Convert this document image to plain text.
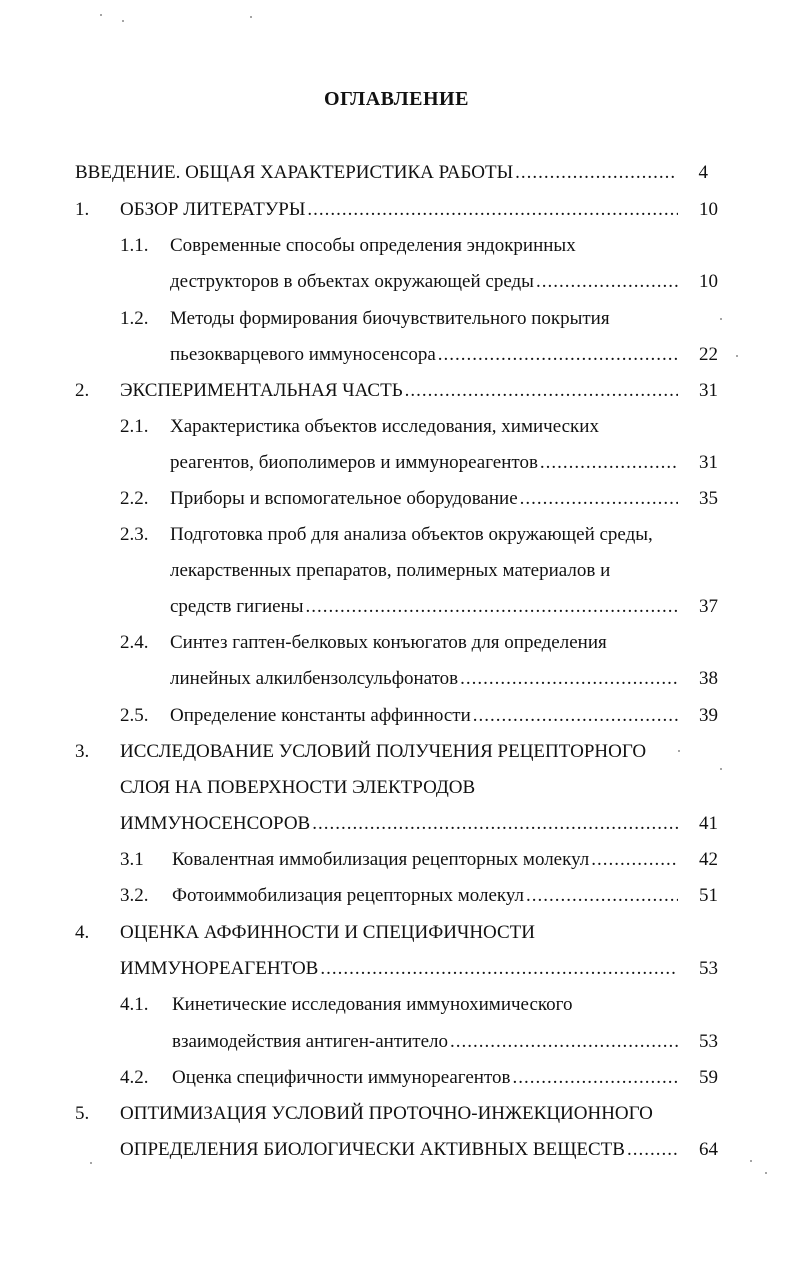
ОГЛАВЛЕНИЕ
ВВЕДЕНИЕ. ОБЩАЯ ХАРАКТЕРИСТИКА РАБОТЫ .....	4
1. ОБЗОР ЛИТЕРАТУРЫ .....	10
1.1. Современные способы определения эндокринных
деструкторов в объектах окружающей среды .....	10
1.2. Методы формирования биочувствительного покрытия
пьезокварцевого иммуносенсора .....	22
2. ЭКСПЕРИМЕНТАЛЬНАЯ ЧАСТЬ .....	31
2.1. Характеристика объектов исследования, химических
реагентов, биополимеров и иммунореагентов .....	31
2.2. Приборы и вспомогательное оборудование .....	35
2.3. Подготовка проб для анализа объектов окружающей среды,
лекарственных препаратов, полимерных материалов и
средств гигиены .....	37
2.4. Синтез гаптен-белковых конъюгатов для определения
линейных алкилбензолсульфонатов .....	38
2.5. Определение константы аффинности .....	39
3. ИССЛЕДОВАНИЕ УСЛОВИЙ ПОЛУЧЕНИЯ РЕЦЕПТОРНОГО
СЛОЯ НА ПОВЕРХНОСТИ ЭЛЕКТРОДОВ
ИММУНОСЕНСОРОВ .....	41
3.1 Ковалентная иммобилизация рецепторных молекул .....	42
3.2. Фотоиммобилизация рецепторных молекул .....	51
4. ОЦЕНКА АФФИННОСТИ И СПЕЦИФИЧНОСТИ
ИММУНОРЕАГЕНТОВ .....	53
4.1. Кинетические исследования иммунохимического
взаимодействия антиген-антитело .....	53
4.2. Оценка специфичности иммунореагентов .....	59
5. ОПТИМИЗАЦИЯ УСЛОВИЙ ПРОТОЧНО-ИНЖЕКЦИОННОГО
ОПРЕДЕЛЕНИЯ БИОЛОГИЧЕСКИ АКТИВНЫХ ВЕЩЕСТВ .....	64
